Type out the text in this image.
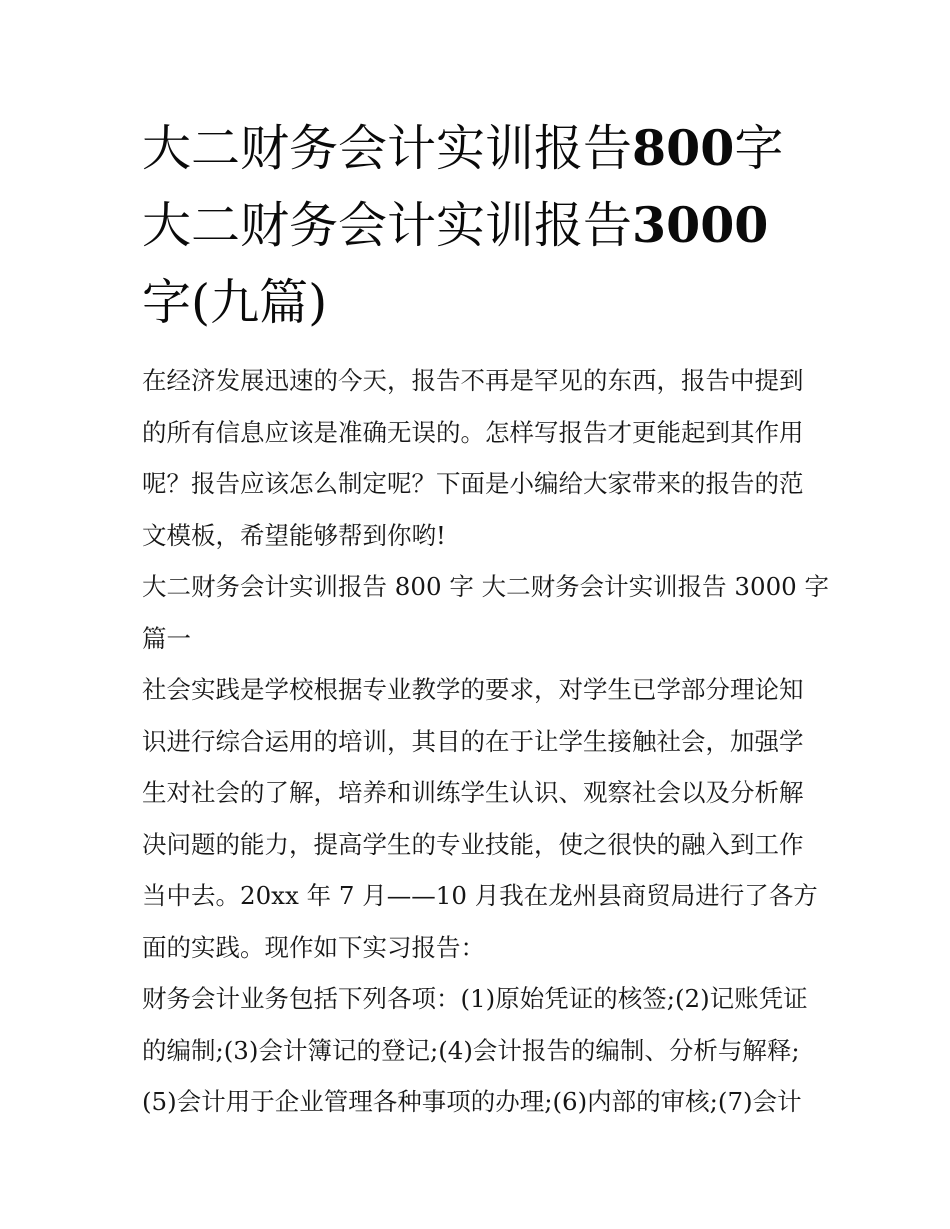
大二财务会计实训报告800字
大二财务会计实训报告3000
字(九篇)

在经济发展迅速的今天，报告不再是罕见的东西，报告中提到
的所有信息应该是准确无误的。怎样写报告才更能起到其作用
呢？报告应该怎么制定呢？下面是小编给大家带来的报告的范
文模板，希望能够帮到你哟!

大二财务会计实训报告 800 字 大二财务会计实训报告 3000 字
篇一

社会实践是学校根据专业教学的要求，对学生已学部分理论知
识进行综合运用的培训，其目的在于让学生接触社会，加强学
生对社会的了解，培养和训练学生认识、观察社会以及分析解
决问题的能力，提高学生的专业技能，使之很快的融入到工作
当中去。20xx 年 7 月——10 月我在龙州县商贸局进行了各方
面的实践。现作如下实习报告：

财务会计业务包括下列各项：(1)原始凭证的核签;(2)记账凭证
的编制;(3)会计簿记的登记;(4)会计报告的编制、分析与解释;
(5)会计用于企业管理各种事项的办理;(6)内部的审核;(7)会计
